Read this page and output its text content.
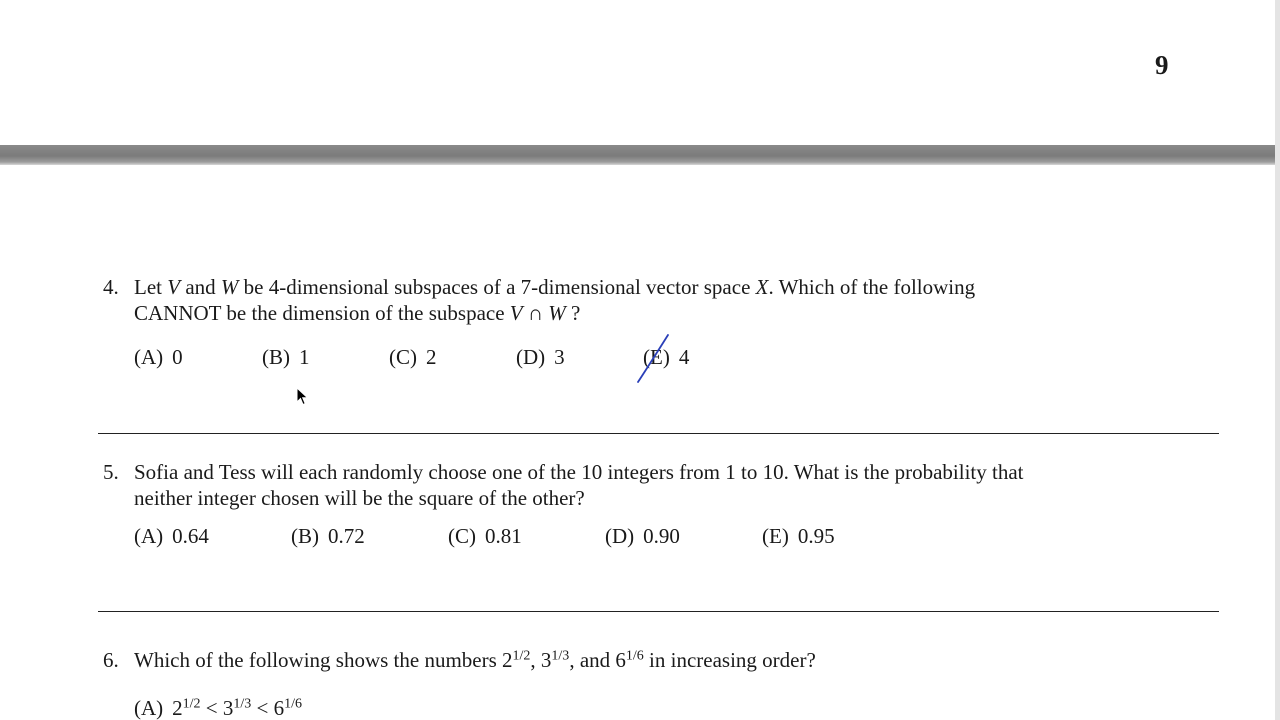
9
4. Let V and W be 4-dimensional subspaces of a 7-dimensional vector space X. Which of the following
CANNOT be the dimension of the subspace V ∩ W ?
(A) 0	(B) 1	(C) 2	(D) 3	(E) 4
5. Sofia and Tess will each randomly choose one of the 10 integers from 1 to 10. What is the probability that
neither integer chosen will be the square of the other?
(A) 0.64	(B) 0.72	(C) 0.81	(D) 0.90	(E) 0.95
6. Which of the following shows the numbers $2^{1/2}$, $3^{1/3}$, and $6^{1/6}$ in increasing order?
(A) $2^{1/2} < 3^{1/3} < 6^{1/6}$
